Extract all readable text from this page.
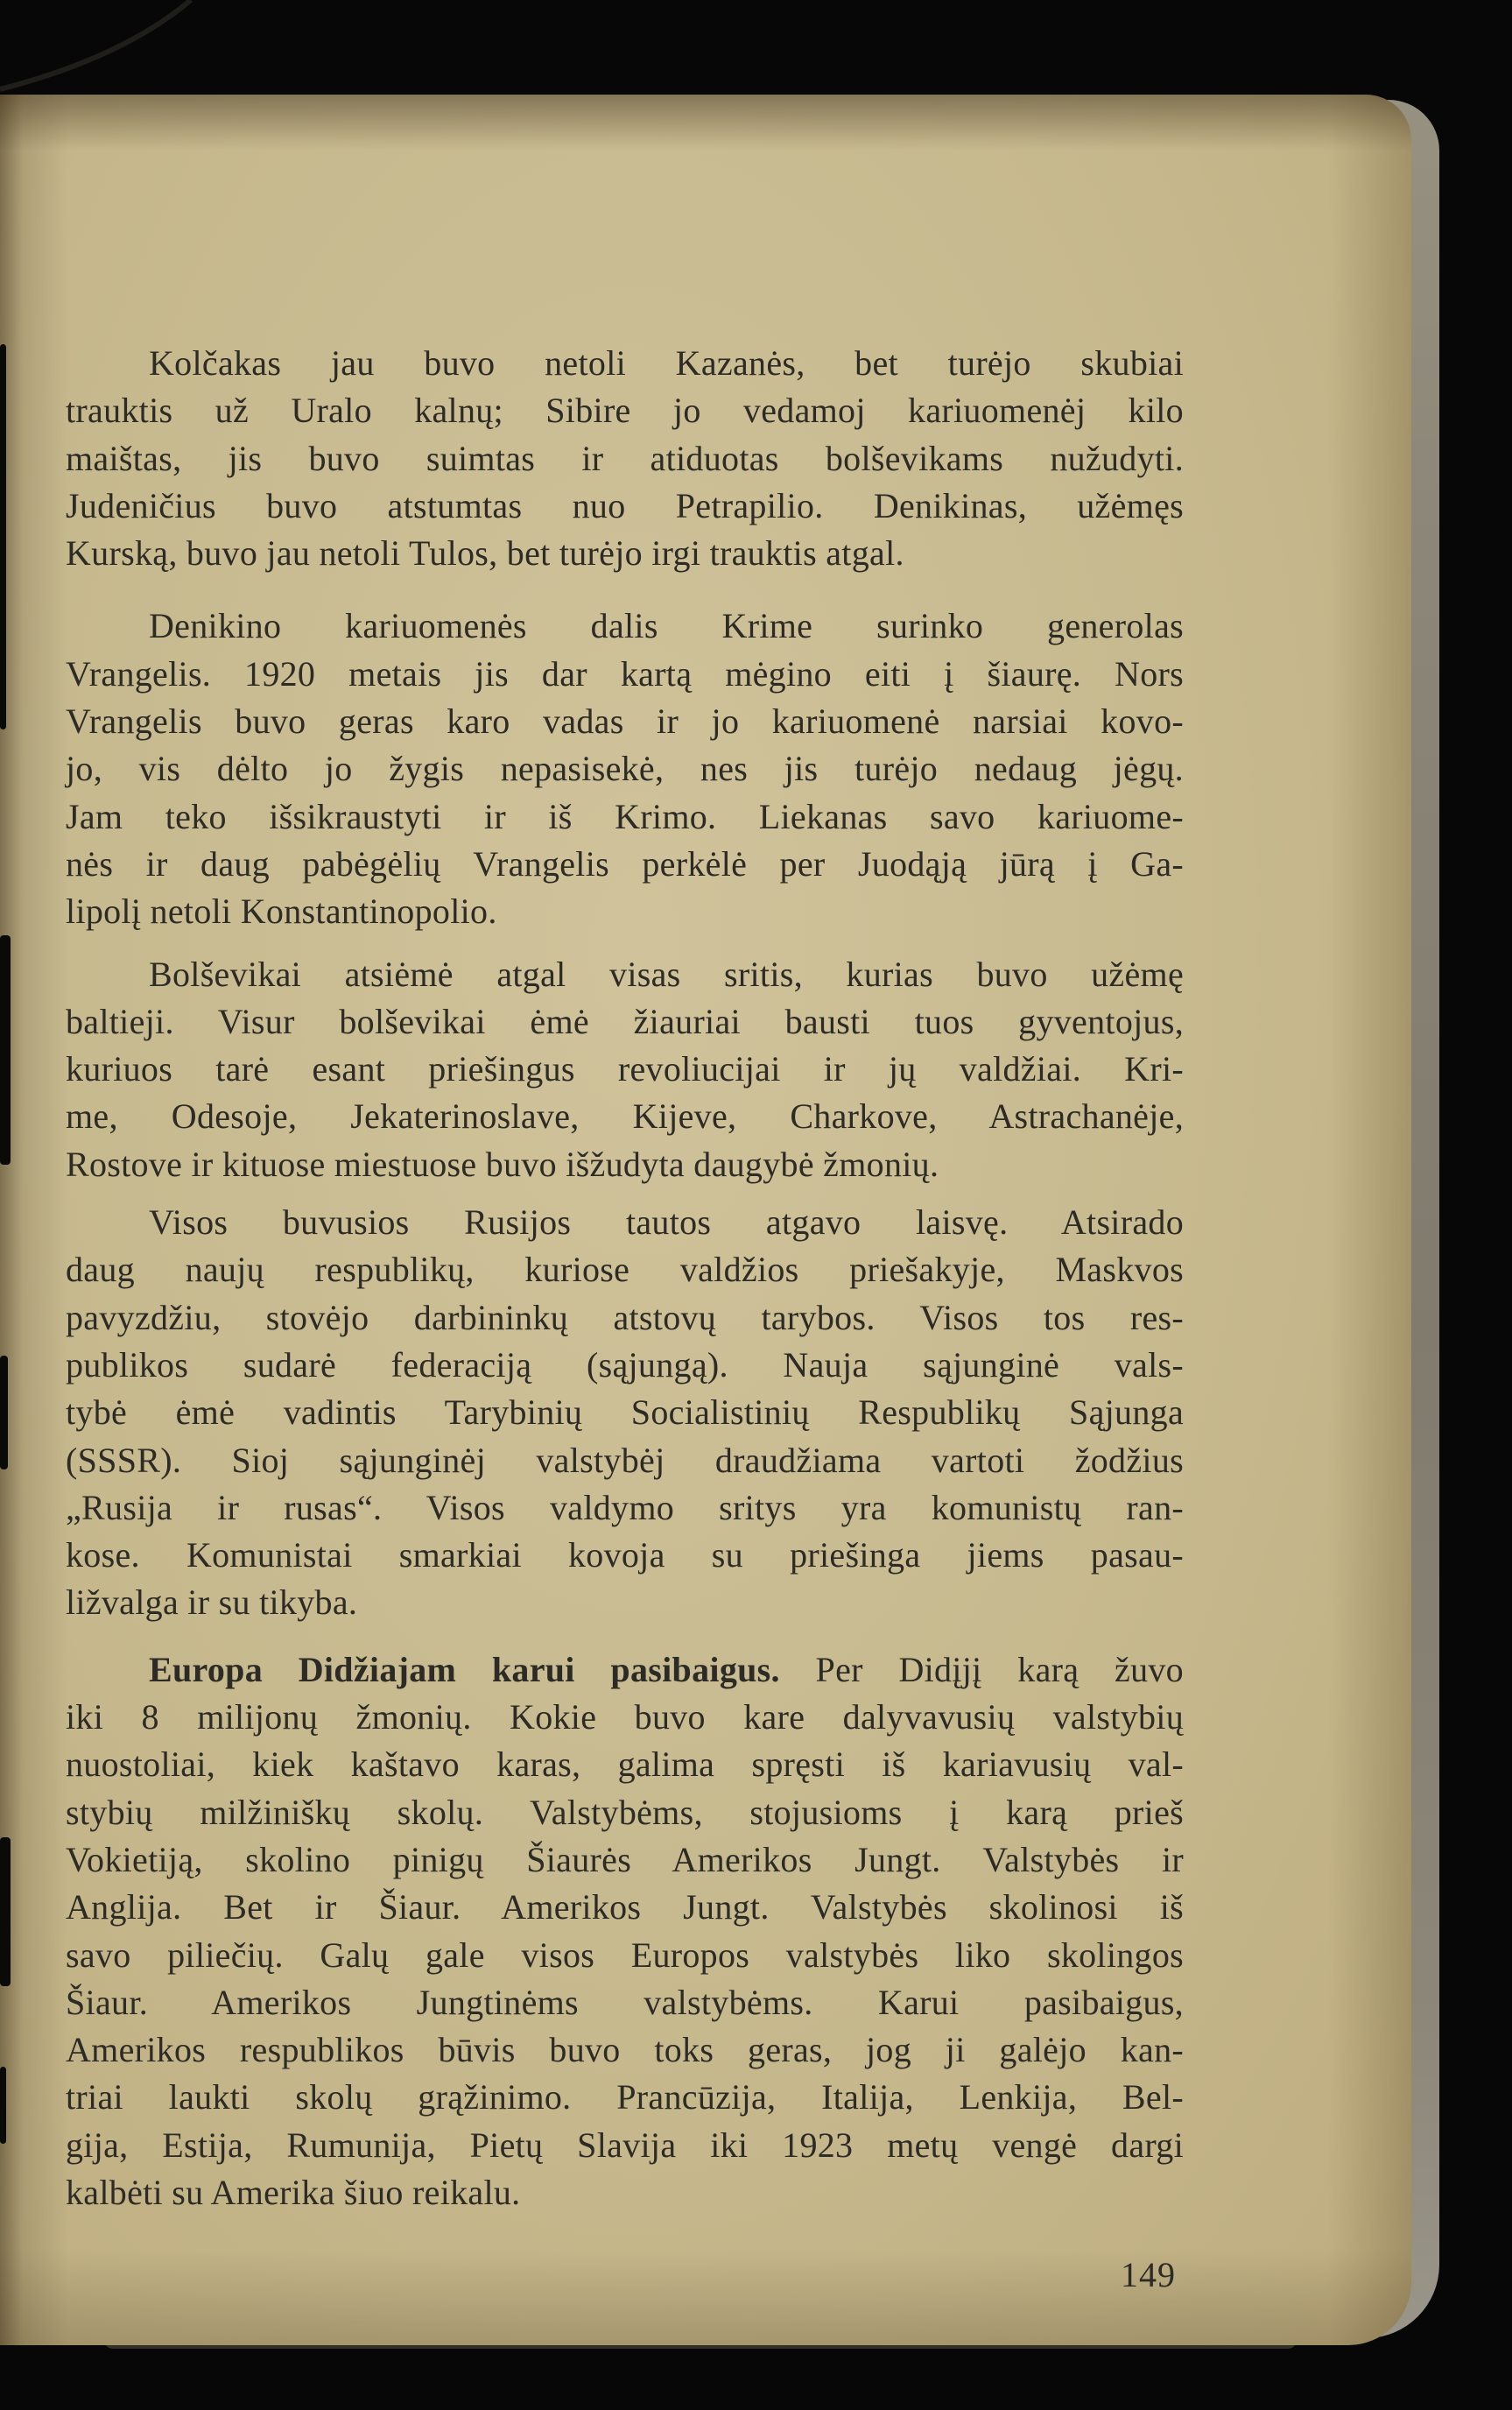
Kolčakas jau buvo netoli Kazanės, bet turėjo skubiai
trauktis už Uralo kalnų; Sibire jo vedamoj kariuomenėj kilo
maištas, jis buvo suimtas ir atiduotas bolševikams nužudyti.
Judeničius buvo atstumtas nuo Petrapilio. Denikinas, užėmęs
Kurską, buvo jau netoli Tulos, bet turėjo irgi trauktis atgal.
Denikino kariuomenės dalis Krime surinko generolas
Vrangelis. 1920 metais jis dar kartą mėgino eiti į šiaurę. Nors
Vrangelis buvo geras karo vadas ir jo kariuomenė narsiai kovo-
jo, vis dėlto jo žygis nepasisekė, nes jis turėjo nedaug jėgų.
Jam teko išsikraustyti ir iš Krimo. Liekanas savo kariuome-
nės ir daug pabėgėlių Vrangelis perkėlė per Juodąją jūrą į Ga-
lipolį netoli Konstantinopolio.
Bolševikai atsiėmė atgal visas sritis, kurias buvo užėmę
baltieji. Visur bolševikai ėmė žiauriai bausti tuos gyventojus,
kuriuos tarė esant priešingus revoliucijai ir jų valdžiai. Kri-
me, Odesoje, Jekaterinoslave, Kijeve, Charkove, Astrachanėje,
Rostove ir kituose miestuose buvo išžudyta daugybė žmonių.
Visos buvusios Rusijos tautos atgavo laisvę. Atsirado
daug naujų respublikų, kuriose valdžios priešakyje, Maskvos
pavyzdžiu, stovėjo darbininkų atstovų tarybos. Visos tos res-
publikos sudarė federaciją (sąjungą). Nauja sąjunginė vals-
tybė ėmė vadintis Tarybinių Socialistinių Respublikų Sąjunga
(SSSR). Sioj sąjunginėj valstybėj draudžiama vartoti žodžius
„Rusija ir rusas“. Visos valdymo sritys yra komunistų ran-
kose. Komunistai smarkiai kovoja su priešinga jiems pasau-
ližvalga ir su tikyba.
Europa Didžiajam karui pasibaigus. Per Didįjį karą žuvo
iki 8 milijonų žmonių. Kokie buvo kare dalyvavusių valstybių
nuostoliai, kiek kaštavo karas, galima spręsti iš kariavusių val-
stybių milžiniškų skolų. Valstybėms, stojusioms į karą prieš
Vokietiją, skolino pinigų Šiaurės Amerikos Jungt. Valstybės ir
Anglija. Bet ir Šiaur. Amerikos Jungt. Valstybės skolinosi iš
savo piliečių. Galų gale visos Europos valstybės liko skolingos
Šiaur. Amerikos Jungtinėms valstybėms. Karui pasibaigus,
Amerikos respublikos būvis buvo toks geras, jog ji galėjo kan-
triai laukti skolų grąžinimo. Prancūzija, Italija, Lenkija, Bel-
gija, Estija, Rumunija, Pietų Slavija iki 1923 metų vengė dargi
kalbėti su Amerika šiuo reikalu.
149
